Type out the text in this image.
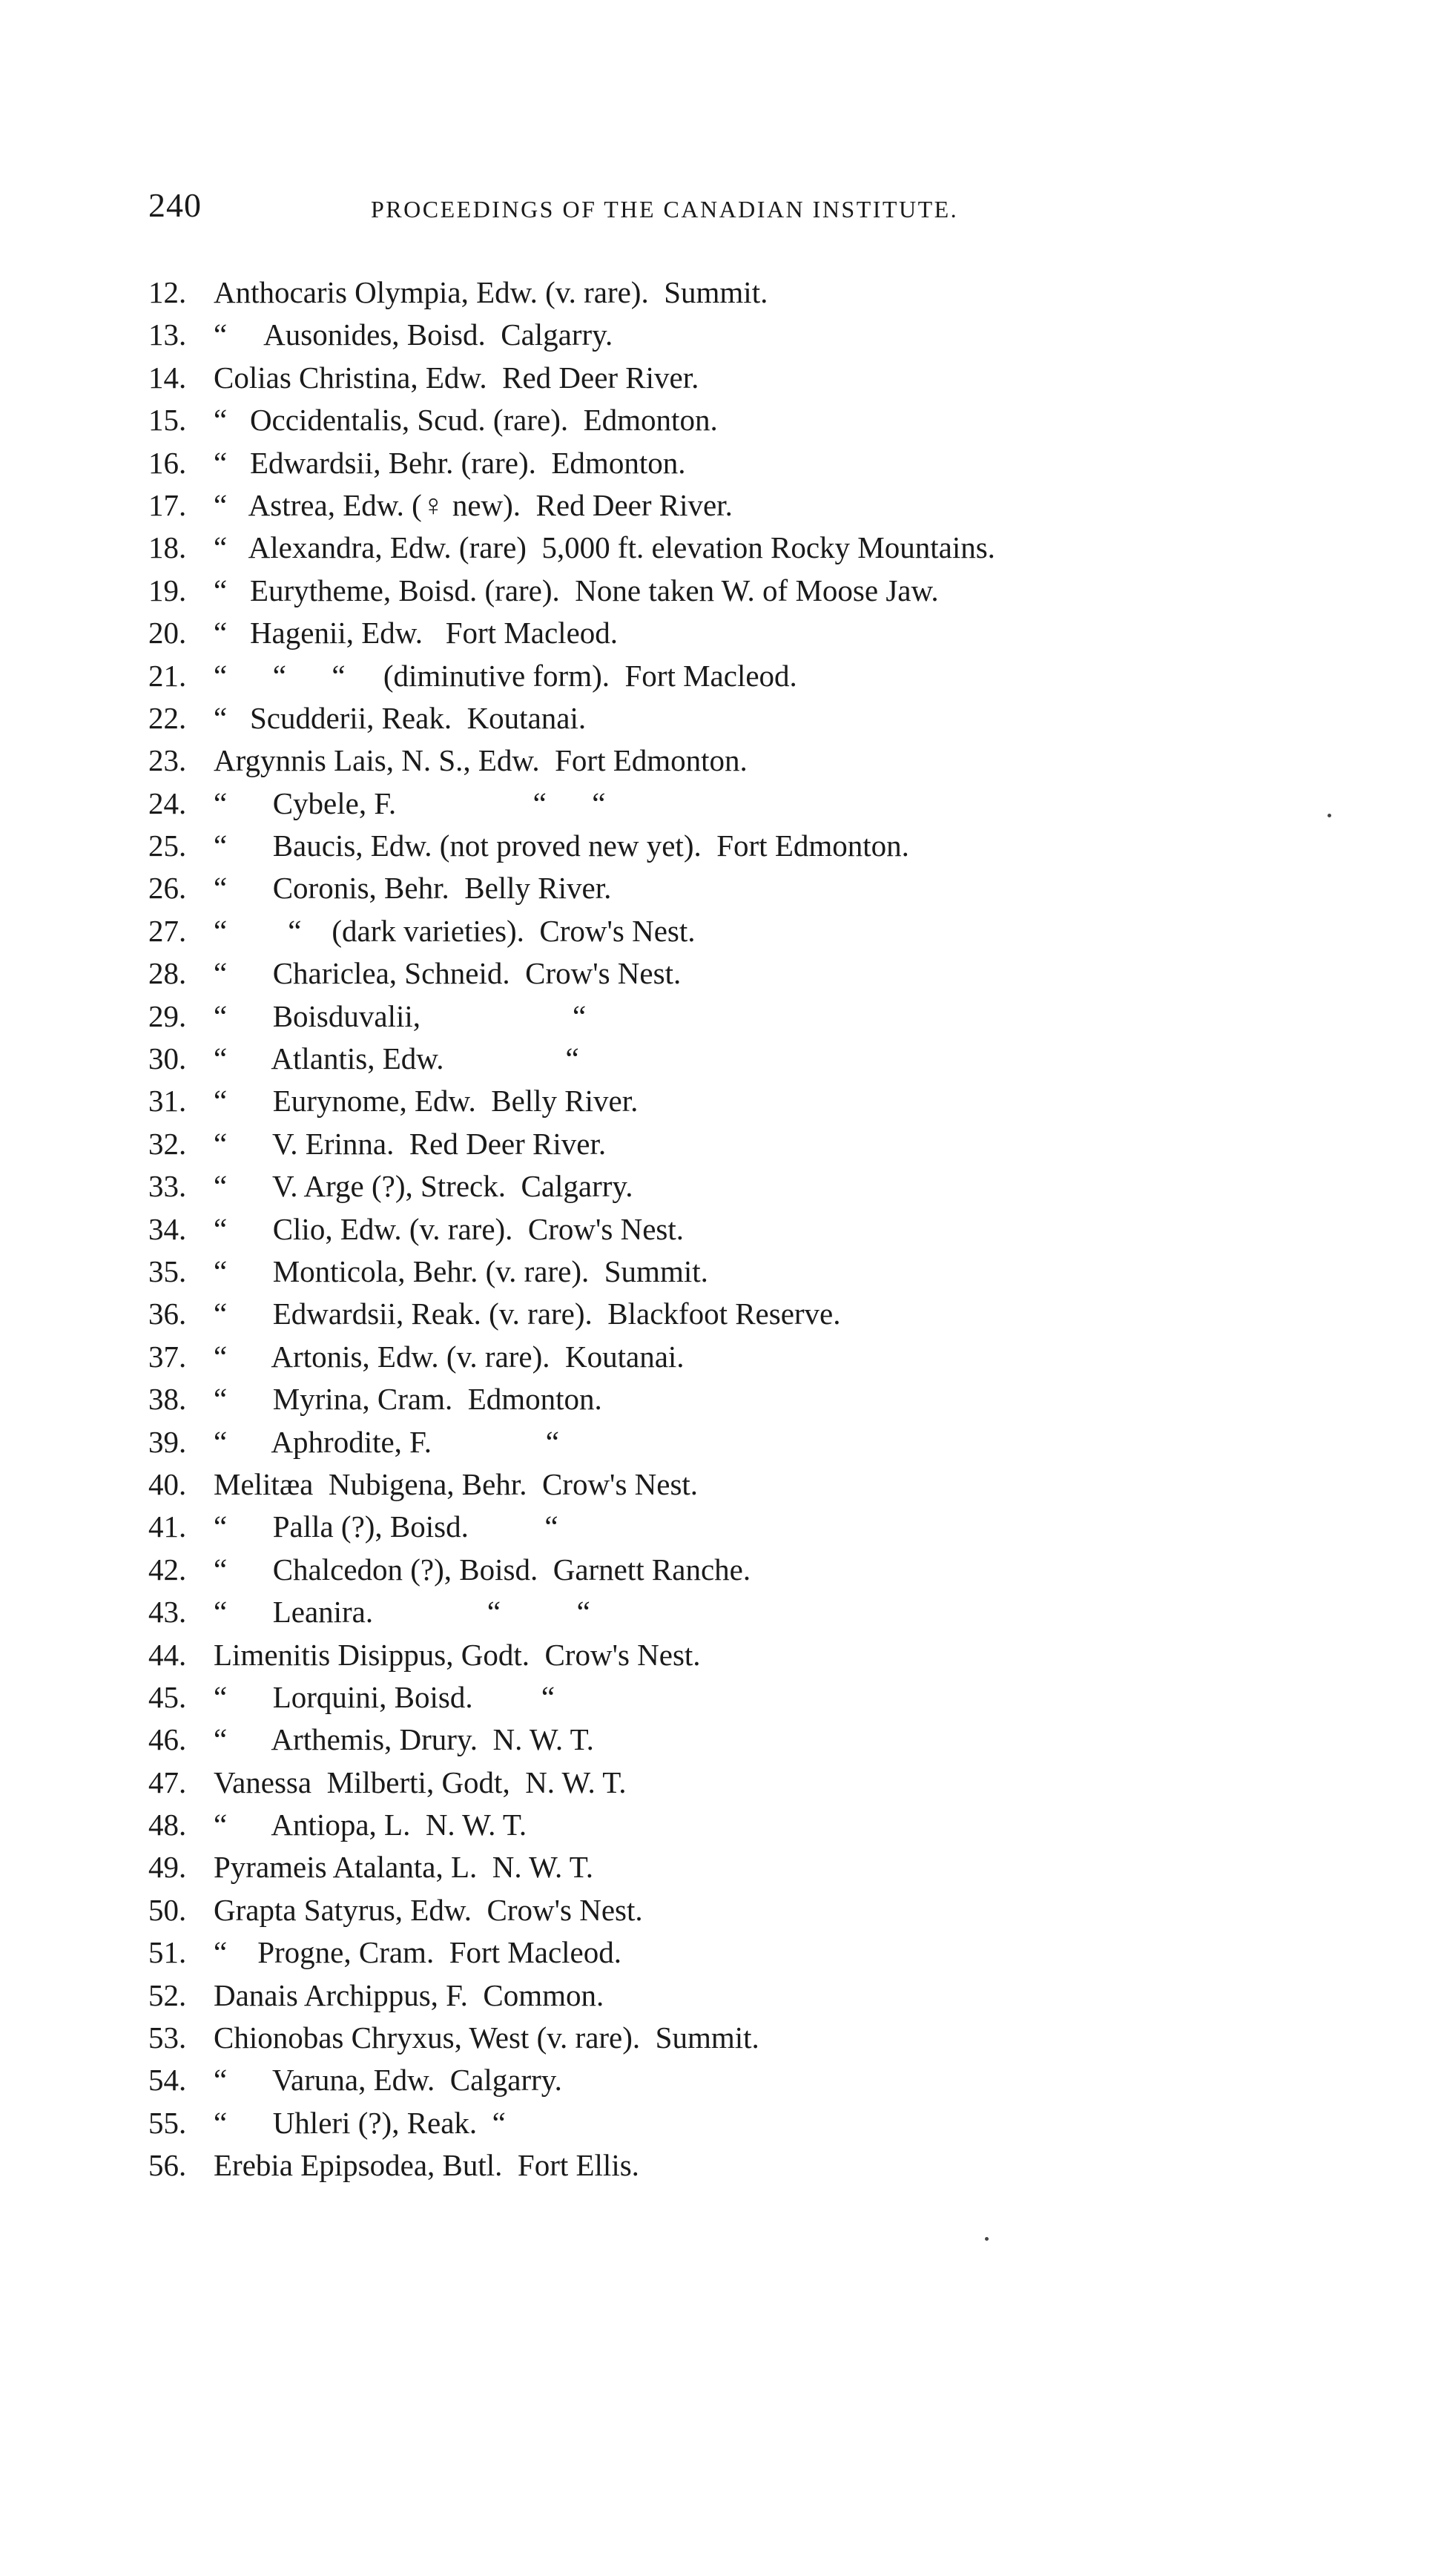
240	PROCEEDINGS OF THE CANADIAN INSTITUTE.
12. Anthocaris Olympia, Edw. (v. rare).  Summit.
13. “     Ausonides, Boisd.  Calgarry.
14. Colias Christina, Edw.  Red Deer River.
15. “   Occidentalis, Scud. (rare).  Edmonton.
16. “   Edwardsii, Behr. (rare).  Edmonton.
17. “   Astrea, Edw. (♀ new).  Red Deer River.
18. “   Alexandra, Edw. (rare)  5,000 ft. elevation Rocky Mountains.
19. “   Eurytheme, Boisd. (rare).  None taken W. of Moose Jaw.
20. “   Hagenii, Edw.   Fort Macleod.
21. “      “      “     (diminutive form).  Fort Macleod.
22. “   Scudderii, Reak.  Koutanai.
23. Argynnis Lais, N. S., Edw.  Fort Edmonton.
24. “      Cybele, F.                  “      “
25. “      Baucis, Edw. (not proved new yet).  Fort Edmonton.
26. “      Coronis, Behr.  Belly River.
27. “        “    (dark varieties).  Crow's Nest.
28. “      Chariclea, Schneid.  Crow's Nest.
29. “      Boisduvalii,                    “
30. “      Atlantis, Edw.                “
31. “      Eurynome, Edw.  Belly River.
32. “      V. Erinna.  Red Deer River.
33. “      V. Arge (?), Streck.  Calgarry.
34. “      Clio, Edw. (v. rare).  Crow's Nest.
35. “      Monticola, Behr. (v. rare).  Summit.
36. “      Edwardsii, Reak. (v. rare).  Blackfoot Reserve.
37. “      Artonis, Edw. (v. rare).  Koutanai.
38. “      Myrina, Cram.  Edmonton.
39. “      Aphrodite, F.               “
40. Melitæa  Nubigena, Behr.  Crow's Nest.
41. “      Palla (?), Boisd.          “
42. “      Chalcedon (?), Boisd.  Garnett Ranche.
43. “      Leanira.               “          “
44. Limenitis Disippus, Godt.  Crow's Nest.
45. “      Lorquini, Boisd.         “
46. “      Arthemis, Drury.  N. W. T.
47. Vanessa  Milberti, Godt,  N. W. T.
48. “      Antiopa, L.  N. W. T.
49. Pyrameis Atalanta, L.  N. W. T.
50. Grapta Satyrus, Edw.  Crow's Nest.
51. “    Progne, Cram.  Fort Macleod.
52. Danais Archippus, F.  Common.
53. Chionobas Chryxus, West (v. rare).  Summit.
54. “      Varuna, Edw.  Calgarry.
55. “      Uhleri (?), Reak.  “
56. Erebia Epipsodea, Butl.  Fort Ellis.
